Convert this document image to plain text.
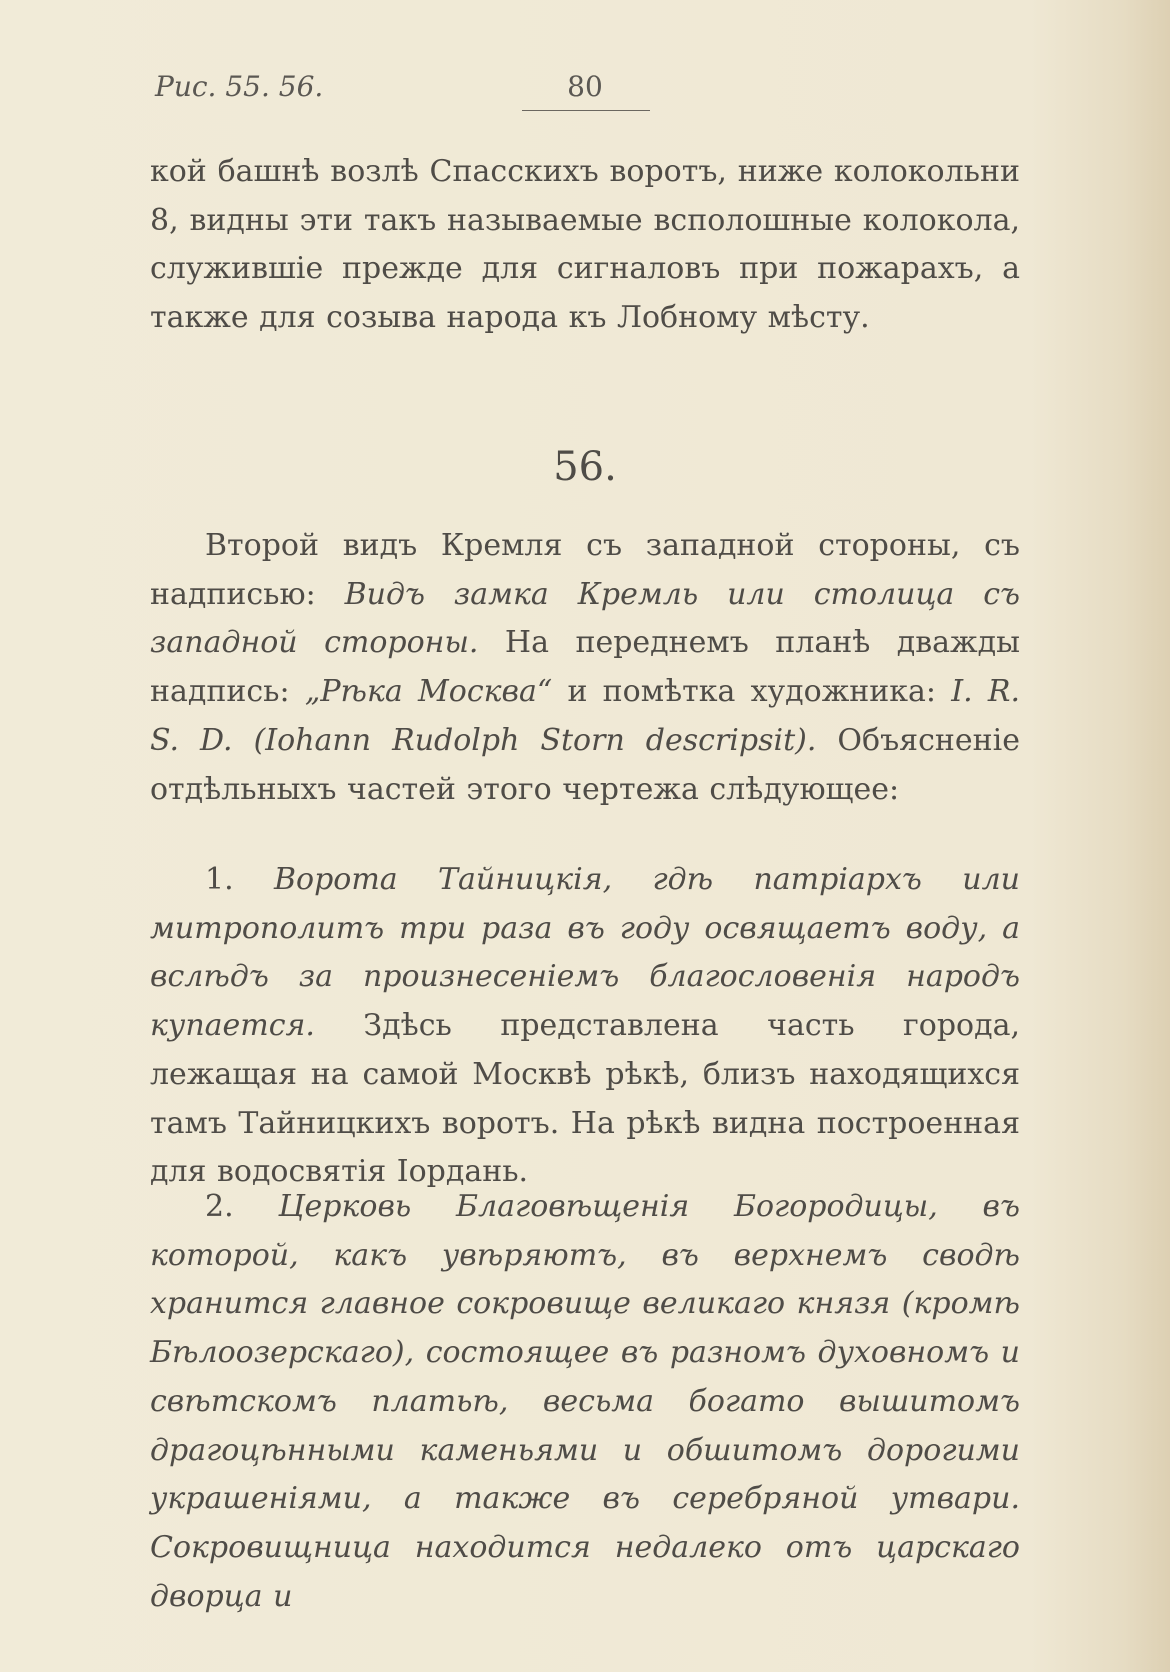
Рис. 55. 56.	80

кой башнѣ возлѣ Спасскихъ воротъ, ниже колокольни 8, видны эти такъ называемые всполошные колокола, служившіе прежде для сигналовъ при пожарахъ, а также для созыва народа къ Лобному мѣсту.

56.

Второй видъ Кремля съ западной стороны, съ надписью: Видъ замка Кремль или столица съ западной стороны. На переднемъ планѣ дважды надпись: „Рѣка Москва“ и помѣтка художника: I. R. S. D. (Iohann Rudolph Storn descripsit). Объясненіе отдѣльныхъ частей этого чертежа слѣдующее:

1. Ворота Тайницкія, гдѣ патріархъ или митрополитъ три раза въ году освящаетъ воду, а вслѣдъ за произнесеніемъ благословенія народъ купается. Здѣсь представлена часть города, лежащая на самой Москвѣ рѣкѣ, близъ находящихся тамъ Тайницкихъ воротъ. На рѣкѣ видна построенная для водосвятія Іордань.

2. Церковь Благовѣщенія Богородицы, въ которой, какъ увѣряютъ, въ верхнемъ сводѣ хранится главное сокровище великаго князя (кромѣ Бѣлоозерскаго), состоящее въ разномъ духовномъ и свѣтскомъ платьѣ, весьма богато вышитомъ драгоцѣнными каменьями и обшитомъ дорогими украшеніями, а также въ серебряной утвари. Сокровищница находится недалеко отъ царскаго дворца и
